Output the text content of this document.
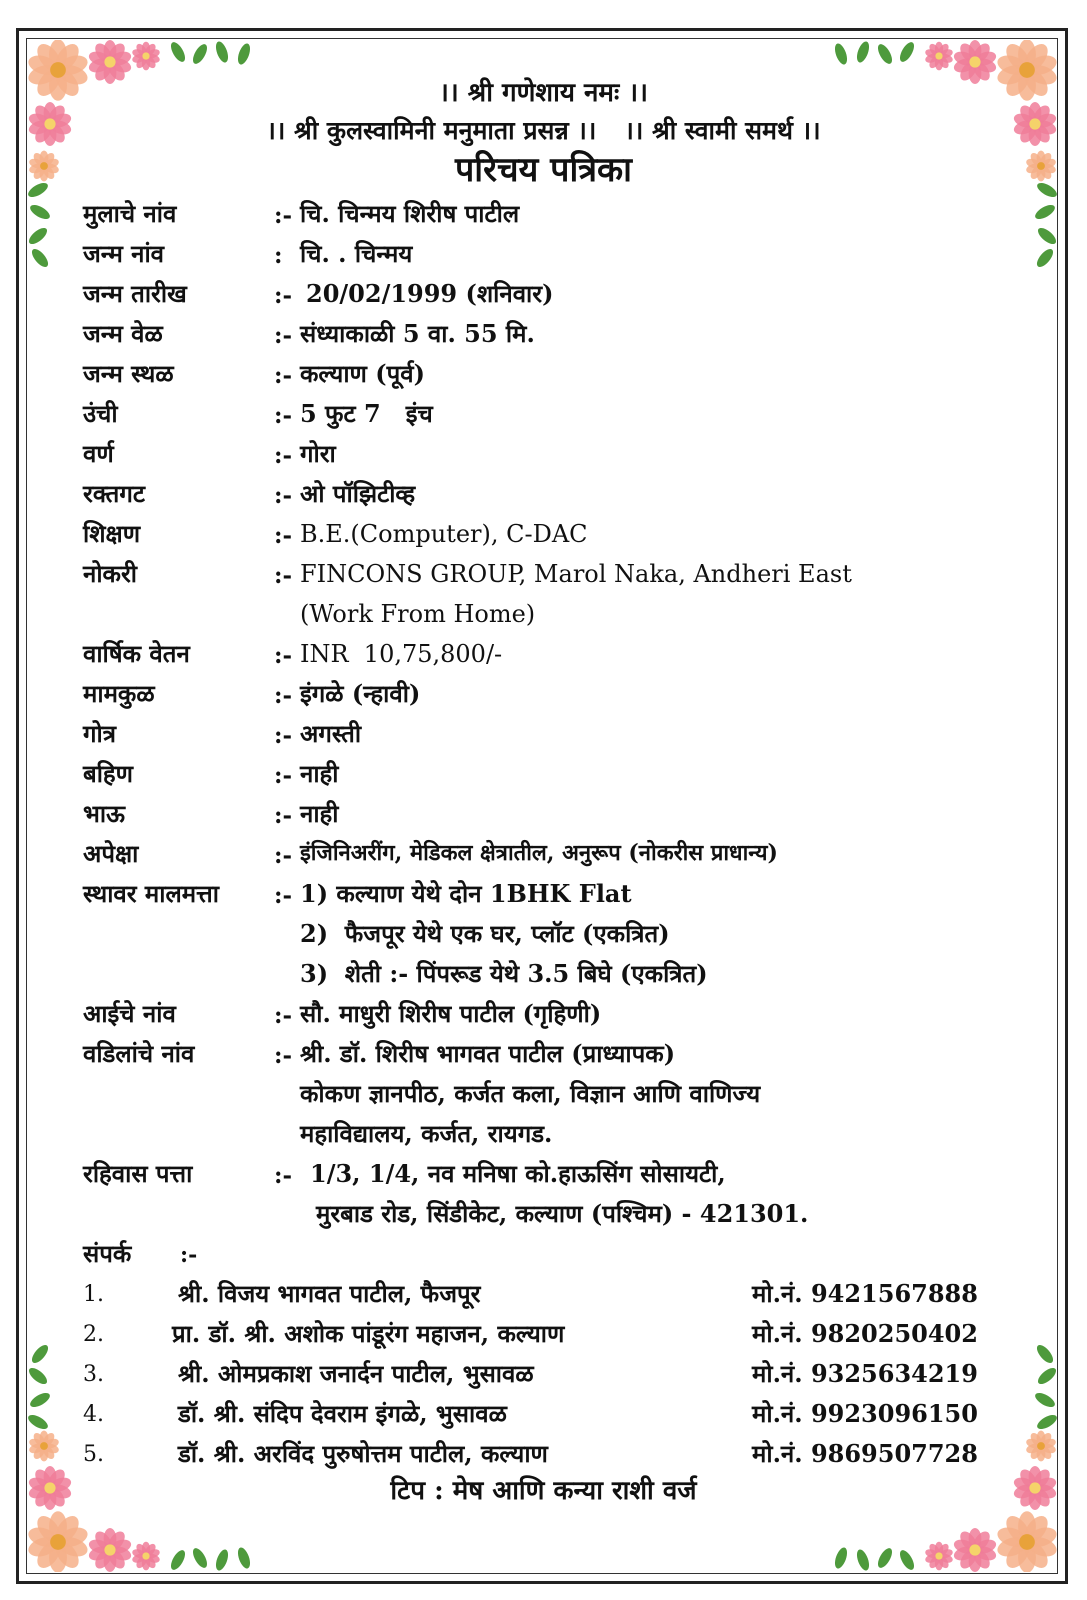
।। श्री गणेशाय नमः ।।
।। श्री कुलस्वामिनी मनुमाता प्रसन्न ।। ।। श्री स्वामी समर्थ ।।
परिचय पत्रिका
मुलाचे नांव	:- चि. चिन्मय शिरीष पाटील
जन्म नांव	: चि. . चिन्मय
जन्म तारीख	:- 20/02/1999 (शनिवार)
जन्म वेळ	:- संध्याकाळी 5 वा. 55 मि.
जन्म स्थळ	:- कल्याण (पूर्व)
उंची	:- 5 फुट 7   इंच
वर्ण	:- गोरा
रक्तगट	:- ओ पॉझिटीव्ह
शिक्षण	:- B.E.(Computer), C-DAC
नोकरी	:- FINCONS GROUP, Marol Naka, Andheri East
(Work From Home)
वार्षिक वेतन	:- INR  10,75,800/-
मामकुळ	:- इंगळे (न्हावी)
गोत्र	:- अगस्ती
बहिण	:- नाही
भाऊ	:- नाही
अपेक्षा	:- इंजिनिअरींग, मेडिकल क्षेत्रातील, अनुरूप (नोकरीस प्राधान्य)
स्थावर मालमत्ता :- 1) कल्याण येथे दोन 1BHK Flat
2)  फैजपूर येथे एक घर, प्लॉट (एकत्रित)
3)  शेती :- पिंपरूड येथे 3.5 बिघे (एकत्रित)
आईचे नांव	:- सौ. माधुरी शिरीष पाटील (गृहिणी)
वडिलांचे नांव	:- श्री. डॉ. शिरीष भागवत पाटील (प्राध्यापक)
कोकण ज्ञानपीठ, कर्जत कला, विज्ञान आणि वाणिज्य
महाविद्यालय, कर्जत, रायगड.
रहिवास पत्ता	:- 1/3, 1/4, नव मनिषा को.हाऊसिंग सोसायटी,
मुरबाड रोड, सिंडीकेट, कल्याण (पश्चिम) - 421301.
संपर्क :-
1.	श्री. विजय भागवत पाटील, फैजपूर	मो.नं. 9421567888
2.	प्रा. डॉ. श्री. अशोक पांडूरंग महाजन, कल्याण	मो.नं. 9820250402
3.	श्री. ओमप्रकाश जनार्दन पाटील, भुसावळ	मो.नं. 9325634219
4.	डॉ. श्री. संदिप देवराम इंगळे, भुसावळ	मो.नं. 9923096150
5.	डॉ. श्री. अरविंद पुरुषोत्तम पाटील, कल्याण	मो.नं. 9869507728
टिप : मेष आणि कन्या राशी वर्ज
